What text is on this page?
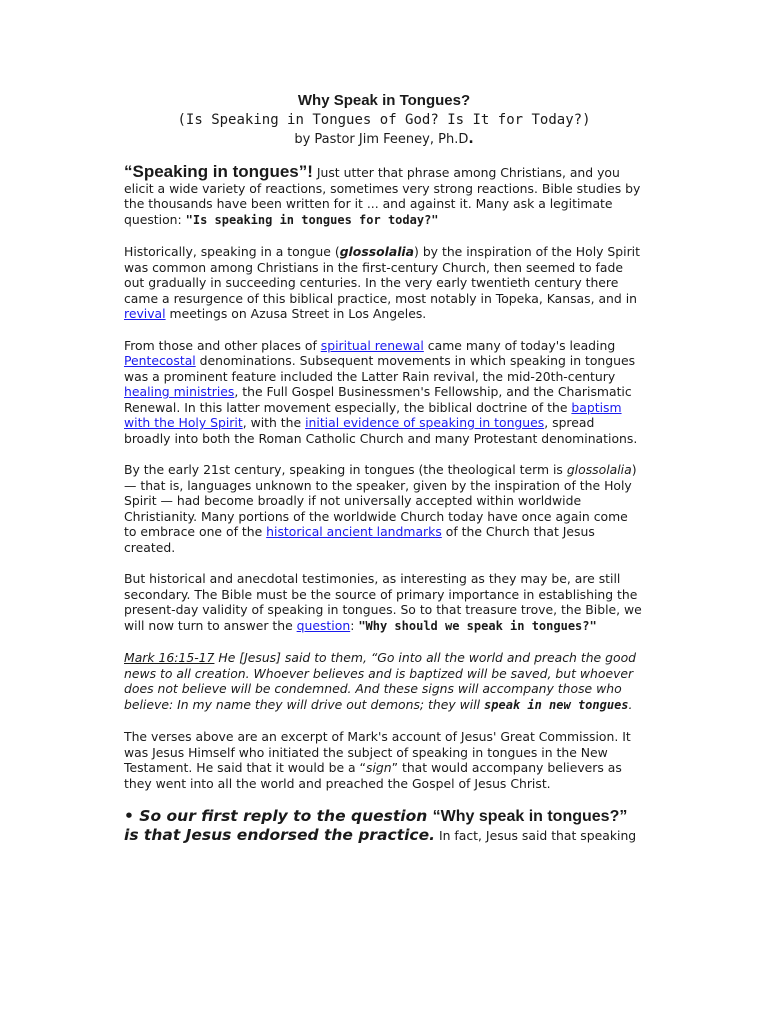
Why Speak in Tongues?
(Is Speaking in Tongues of God? Is It for Today?)
by Pastor Jim Feeney, Ph.D.

“Speaking in tongues”! Just utter that phrase among Christians, and you elicit a wide variety of reactions, sometimes very strong reactions. Bible studies by the thousands have been written for it ... and against it. Many ask a legitimate question: "Is speaking in tongues for today?"

Historically, speaking in a tongue (glossolalia) by the inspiration of the Holy Spirit was common among Christians in the first-century Church, then seemed to fade out gradually in succeeding centuries. In the very early twentieth century there came a resurgence of this biblical practice, most notably in Topeka, Kansas, and in revival meetings on Azusa Street in Los Angeles.

From those and other places of spiritual renewal came many of today's leading Pentecostal denominations. Subsequent movements in which speaking in tongues was a prominent feature included the Latter Rain revival, the mid-20th-century healing ministries, the Full Gospel Businessmen's Fellowship, and the Charismatic Renewal. In this latter movement especially, the biblical doctrine of the baptism with the Holy Spirit, with the initial evidence of speaking in tongues, spread broadly into both the Roman Catholic Church and many Protestant denominations.

By the early 21st century, speaking in tongues (the theological term is glossolalia) — that is, languages unknown to the speaker, given by the inspiration of the Holy Spirit — had become broadly if not universally accepted within worldwide Christianity. Many portions of the worldwide Church today have once again come to embrace one of the historical ancient landmarks of the Church that Jesus created.

But historical and anecdotal testimonies, as interesting as they may be, are still secondary. The Bible must be the source of primary importance in establishing the present-day validity of speaking in tongues. So to that treasure trove, the Bible, we will now turn to answer the question: "Why should we speak in tongues?"

Mark 16:15-17 He [Jesus] said to them, “Go into all the world and preach the good news to all creation. Whoever believes and is baptized will be saved, but whoever does not believe will be condemned. And these signs will accompany those who believe: In my name they will drive out demons; they will speak in new tongues.

The verses above are an excerpt of Mark's account of Jesus' Great Commission. It was Jesus Himself who initiated the subject of speaking in tongues in the New Testament. He said that it would be a “sign” that would accompany believers as they went into all the world and preached the Gospel of Jesus Christ.

• So our first reply to the question “Why speak in tongues?” is that Jesus endorsed the practice. In fact, Jesus said that speaking
